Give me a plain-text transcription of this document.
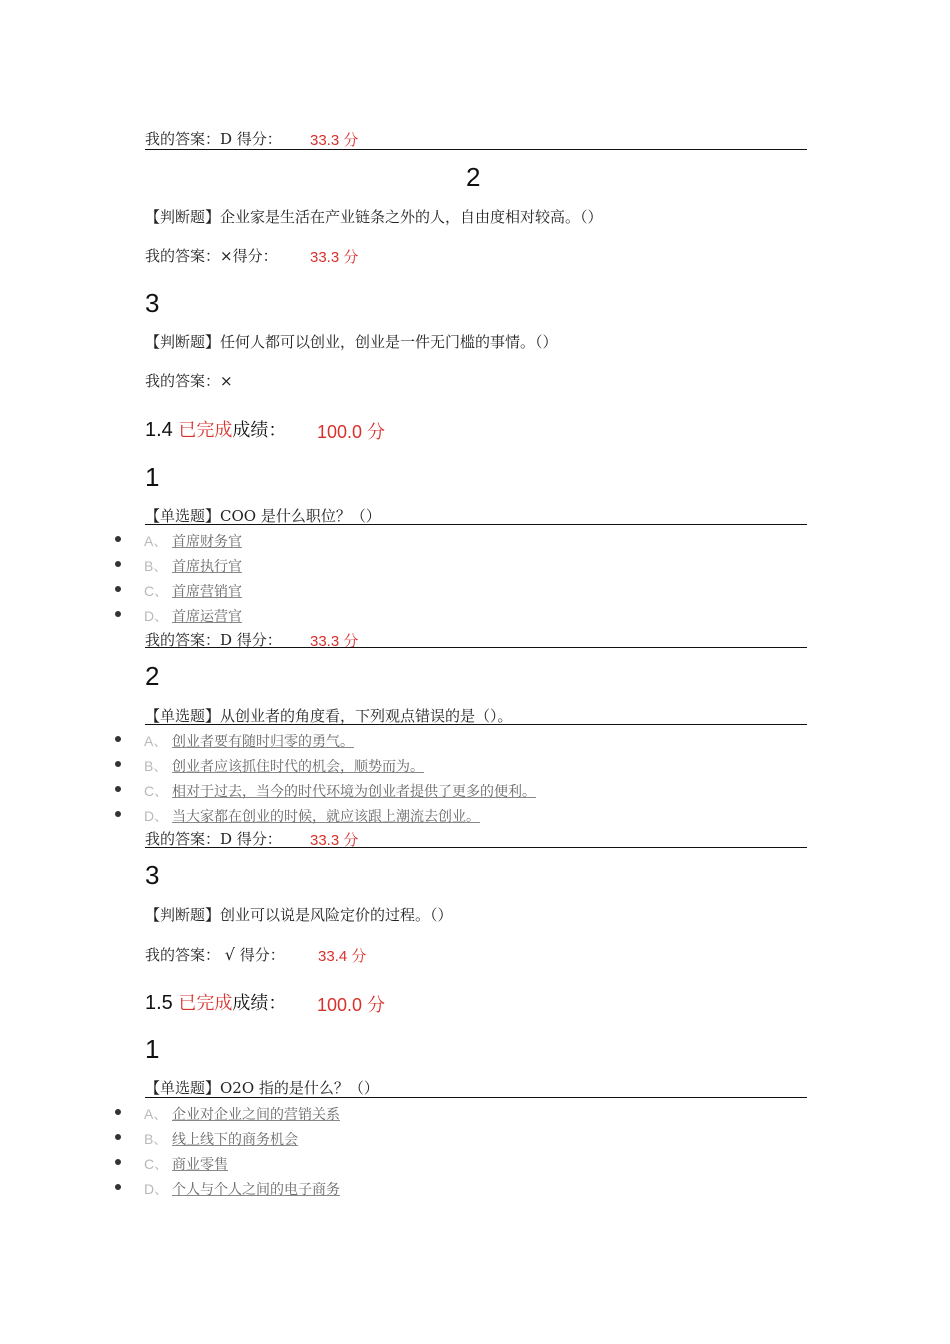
我的答案：D 得分： 33.3 分
2
【判断题】企业家是生活在产业链条之外的人，自由度相对较高。（）
我的答案：×得分： 33.3 分
3
【判断题】任何人都可以创业，创业是一件无门槛的事情。（）
我的答案：×
1.4 已完成成绩： 100.0 分
1
【单选题】COO 是什么职位？（）
A、 首席财务官
B、 首席执行官
C、 首席营销官
D、 首席运营官
我的答案：D 得分： 33.3 分
2
【单选题】从创业者的角度看，下列观点错误的是（）。
A、 创业者要有随时归零的勇气。
B、 创业者应该抓住时代的机会，顺势而为。
C、 相对于过去，当今的时代环境为创业者提供了更多的便利。
D、 当大家都在创业的时候，就应该跟上潮流去创业。
我的答案：D 得分： 33.3 分
3
【判断题】创业可以说是风险定价的过程。（）
我的答案： √ 得分： 33.4 分
1.5 已完成成绩： 100.0 分
1
【单选题】O2O 指的是什么？（）
A、 企业对企业之间的营销关系
B、 线上线下的商务机会
C、 商业零售
D、 个人与个人之间的电子商务
